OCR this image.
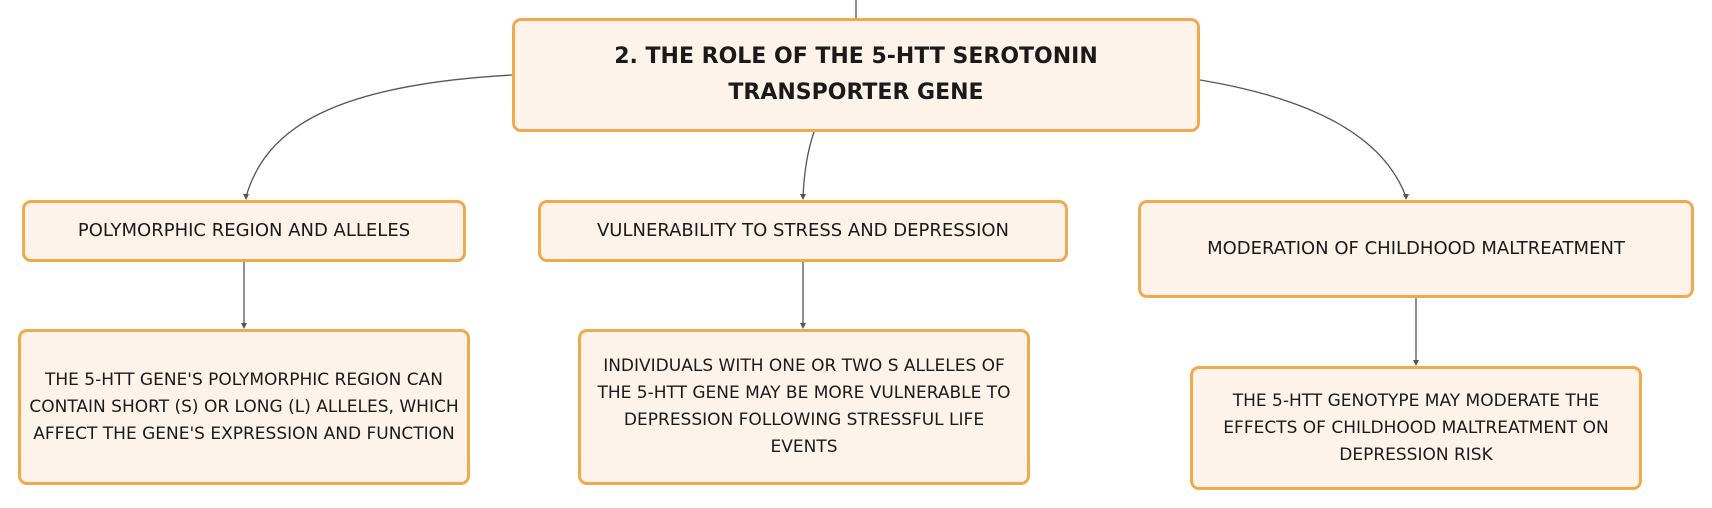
2. THE ROLE OF THE 5-HTT SEROTONIN TRANSPORTER GENE
POLYMORPHIC REGION AND ALLELES	VULNERABILITY TO STRESS AND DEPRESSION
MODERATION OF CHILDHOOD MALTREATMENT
THE 5-HTT GENE'S POLYMORPHIC REGION CAN CONTAIN SHORT (S) OR LONG (L) ALLELES, WHICH AFFECT THE GENE'S EXPRESSION AND FUNCTION
INDIVIDUALS WITH ONE OR TWO S ALLELES OF THE 5-HTT GENE MAY BE MORE VULNERABLE TO DEPRESSION FOLLOWING STRESSFUL LIFE EVENTS
THE 5-HTT GENOTYPE MAY MODERATE THE EFFECTS OF CHILDHOOD MALTREATMENT ON DEPRESSION RISK
